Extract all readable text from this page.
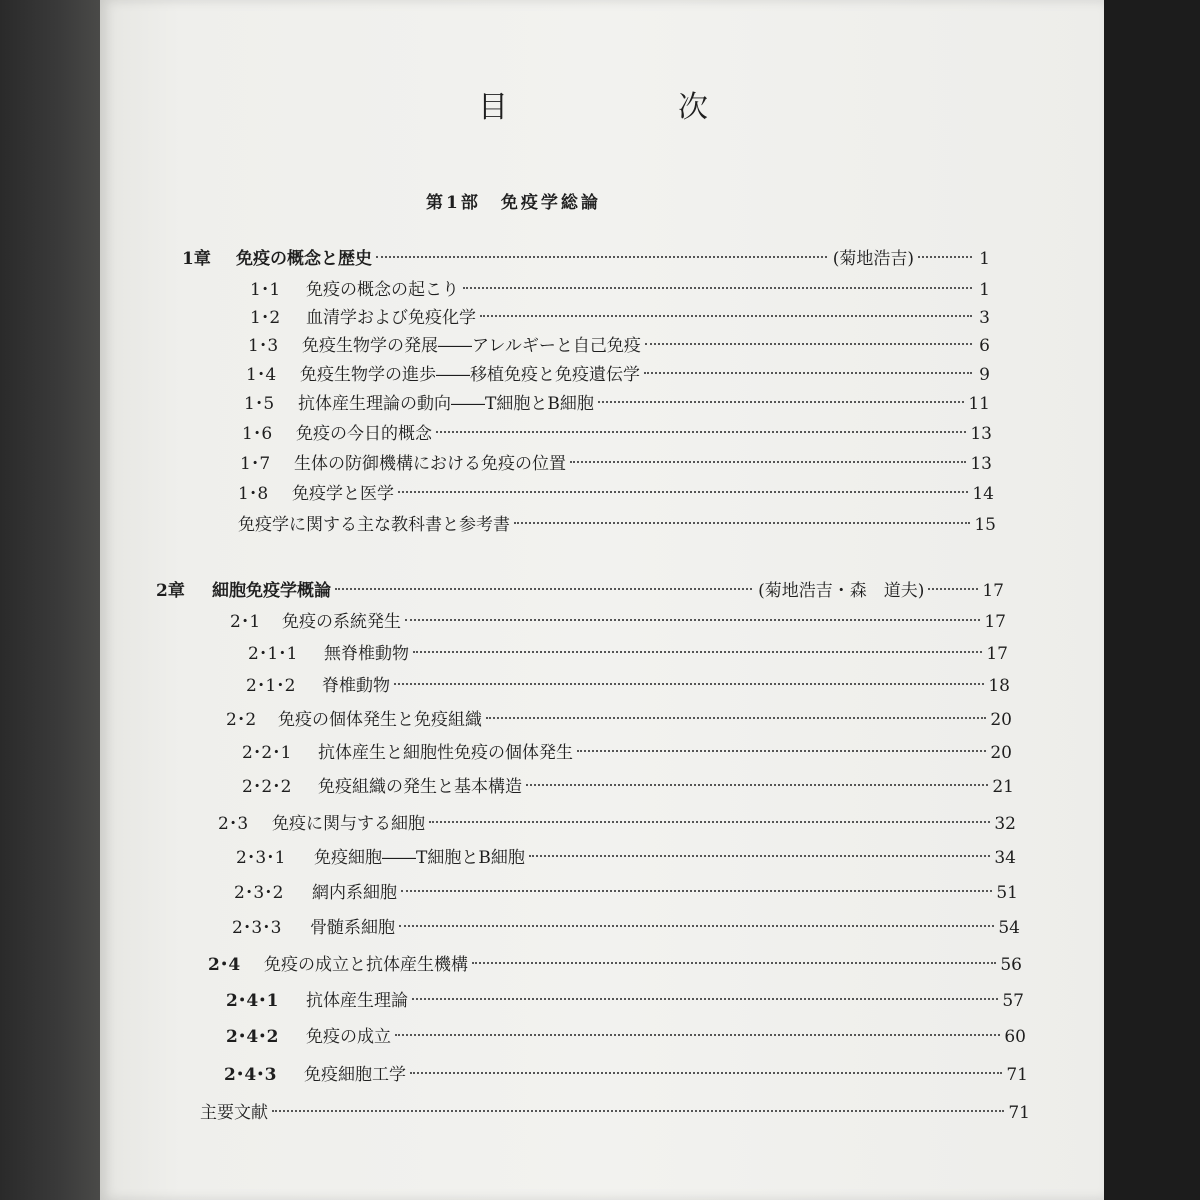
目　次
第1部　免疫学総論
1章	免疫の概念と歴史	(菊地浩吉)	1
1･1	免疫の概念の起こり	1
1･2	血清学および免疫化学	3
1･3	免疫生物学の発展――アレルギーと自己免疫	6
1･4	免疫生物学の進歩――移植免疫と免疫遺伝学	9
1･5	抗体産生理論の動向――T細胞とB細胞	11
1･6	免疫の今日的概念	13
1･7	生体の防御機構における免疫の位置	13
1･8	免疫学と医学	14
免疫学に関する主な教科書と参考書	15
2章	細胞免疫学概論	(菊地浩吉・森　道夫)	17
2･1	免疫の系統発生	17
2･1･1	無脊椎動物	17
2･1･2	脊椎動物	18
2･2	免疫の個体発生と免疫組織	20
2･2･1	抗体産生と細胞性免疫の個体発生	20
2･2･2	免疫組織の発生と基本構造	21
2･3	免疫に関与する細胞	32
2･3･1	免疫細胞――T細胞とB細胞	34
2･3･2	網内系細胞	51
2･3･3	骨髄系細胞	54
2･4	免疫の成立と抗体産生機構	56
2･4･1	抗体産生理論	57
2･4･2	免疫の成立	60
2･4･3	免疫細胞工学	71
主要文献	71
